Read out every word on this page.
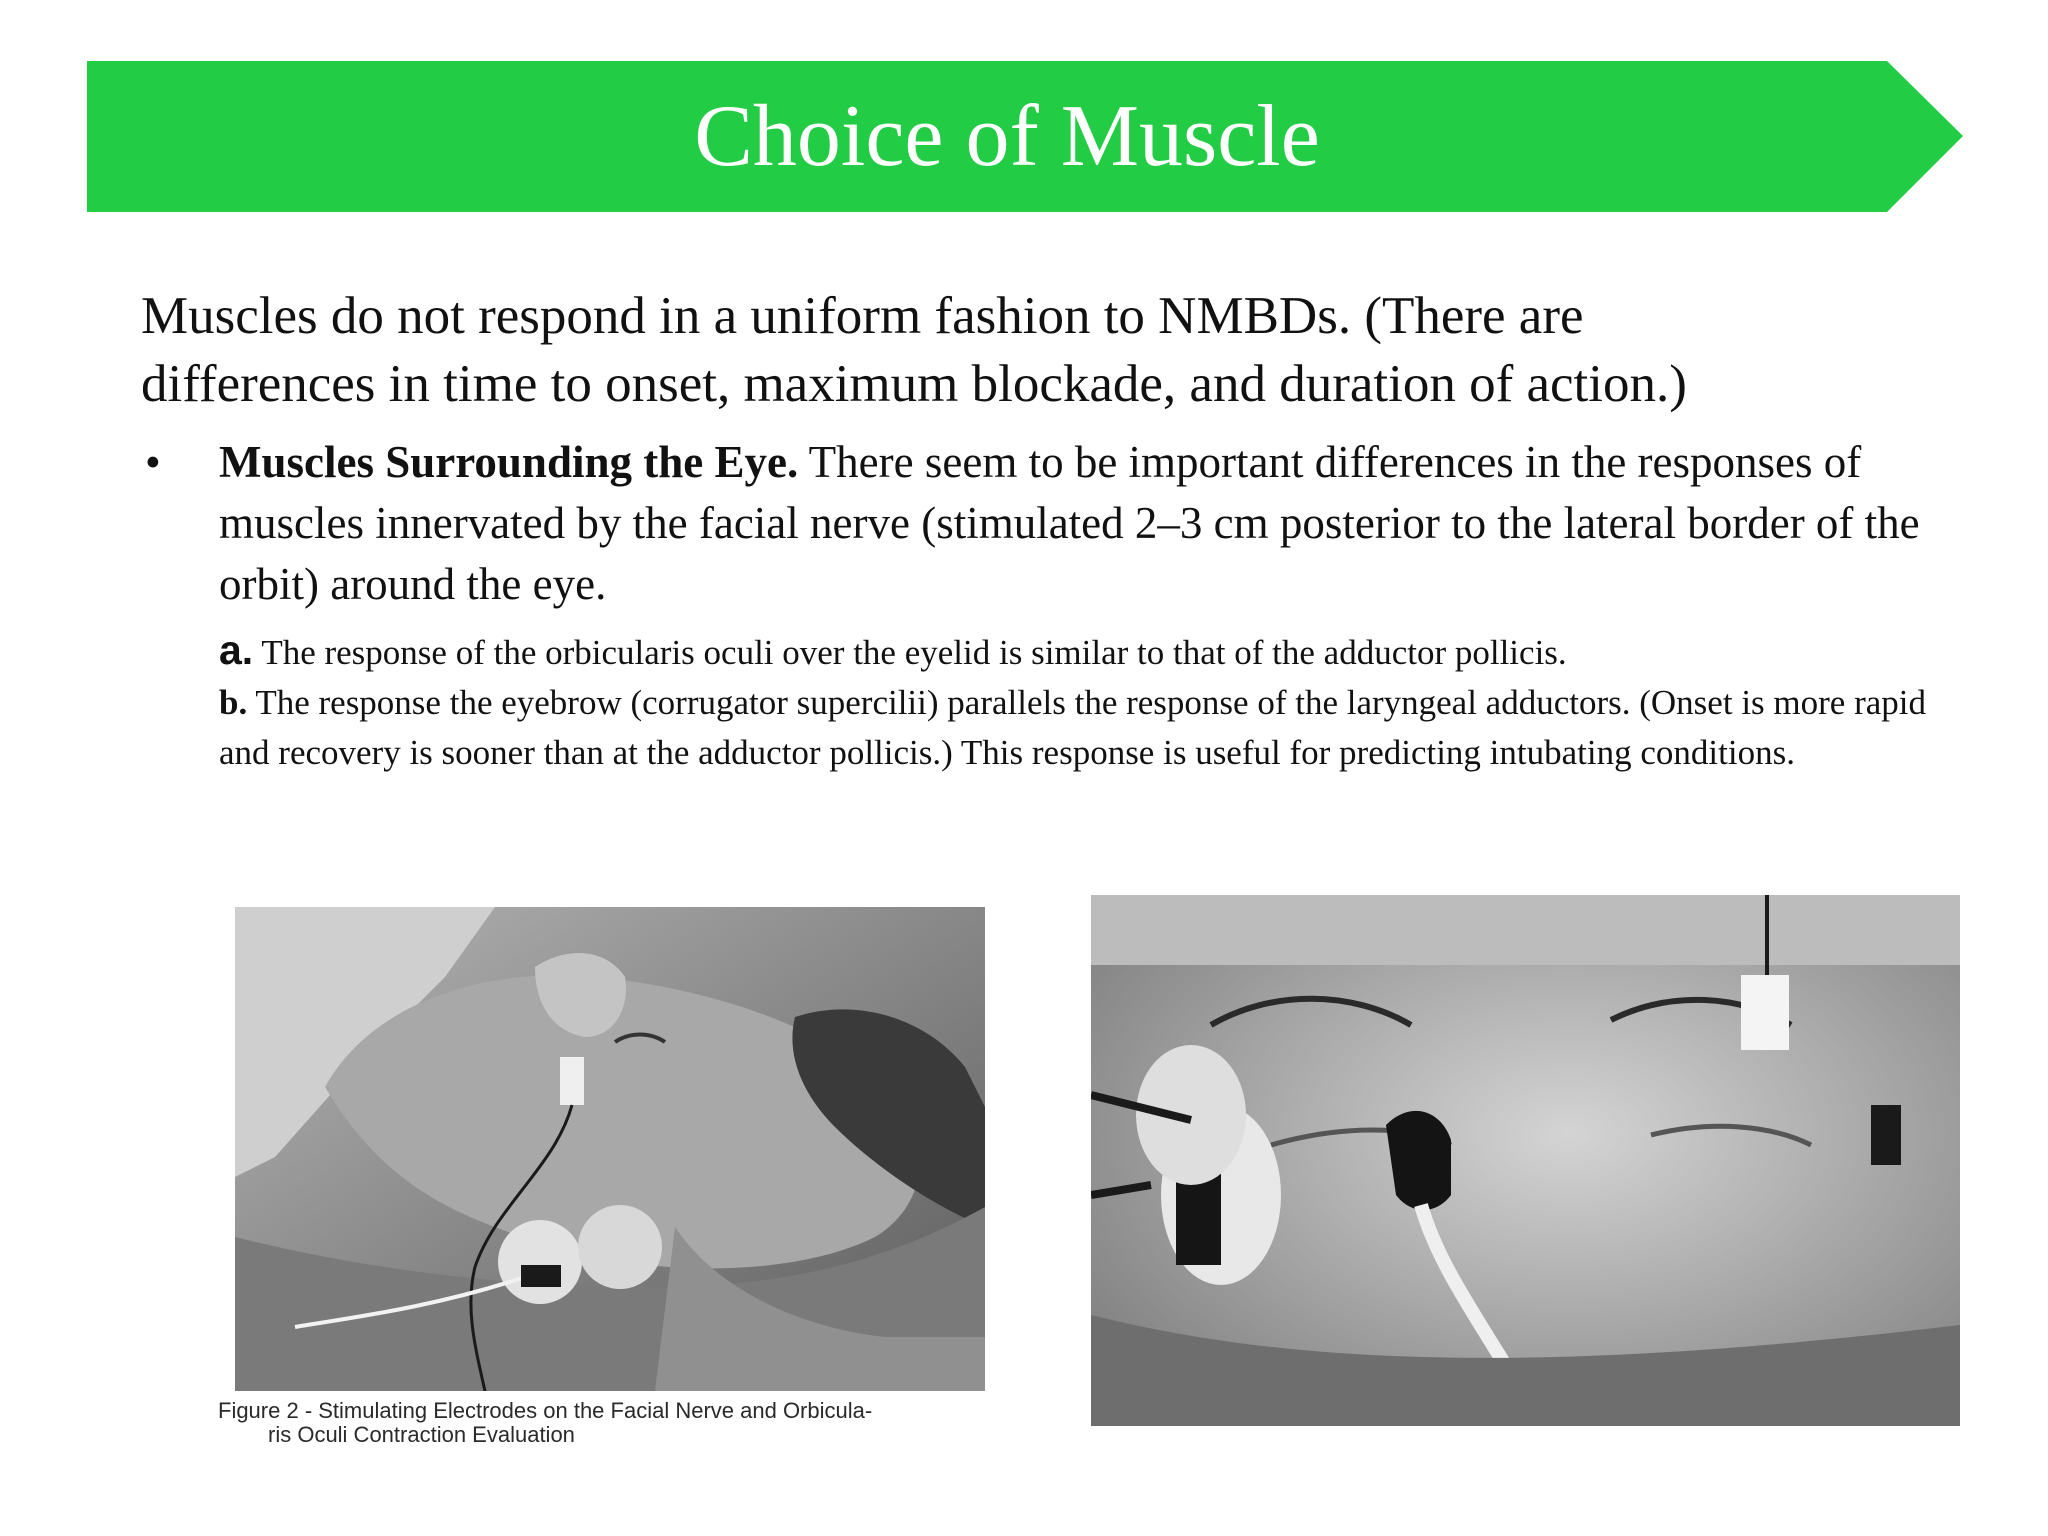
Choice of Muscle

Muscles do not respond in a uniform fashion to NMBDs. (There are

differences in time to onset, maximum blockade, and duration of action.)

• Muscles Surrounding the Eye. There seem to be important differences in the responses of muscles innervated by the facial nerve (stimulated 2–3 cm posterior to the lateral border of the orbit) around the eye.

a. The response of the orbicularis oculi over the eyelid is similar to that of the adductor pollicis.

b. The response the eyebrow (corrugator supercilii) parallels the response of the laryngeal adductors. (Onset is more rapid and recovery is sooner than at the adductor pollicis.) This response is useful for predicting intubating conditions.

Figure 2 - Stimulating Electrodes on the Facial Nerve and Orbicula-
ris Oculi Contraction Evaluation
